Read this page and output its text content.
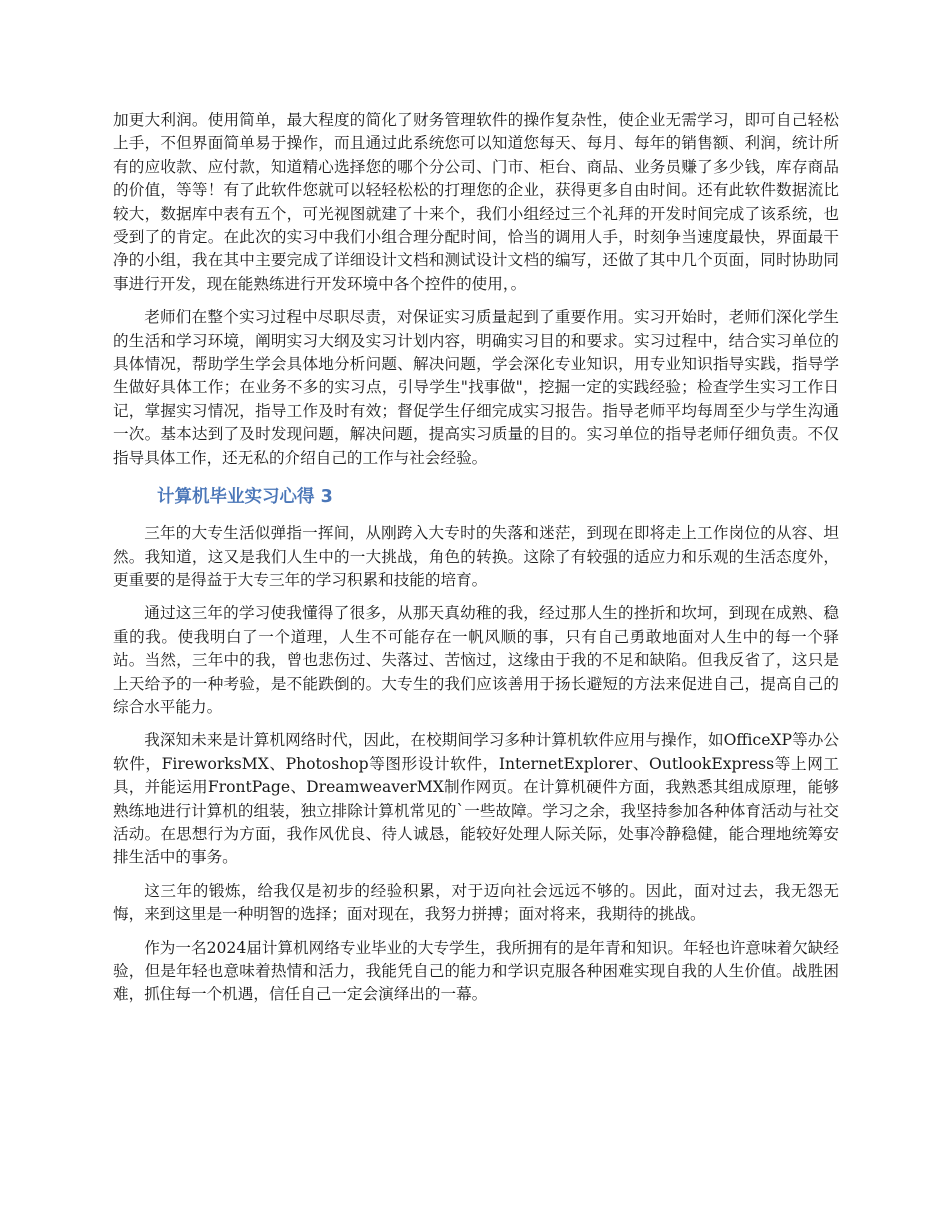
加更大利润。使用简单，最大程度的简化了财务管理软件的操作复杂性，使企业无需学习，即可自己轻松上手，不但界面简单易于操作，而且通过此系统您可以知道您每天、每月、每年的销售额、利润，统计所有的应收款、应付款，知道精心选择您的哪个分公司、门市、柜台、商品、业务员赚了多少钱，库存商品的价值，等等！有了此软件您就可以轻轻松松的打理您的企业，获得更多自由时间。还有此软件数据流比较大，数据库中表有五个，可光视图就建了十来个，我们小组经过三个礼拜的开发时间完成了该系统，也受到了的肯定。在此次的实习中我们小组合理分配时间，恰当的调用人手，时刻争当速度最快，界面最干净的小组，我在其中主要完成了详细设计文档和测试设计文档的编写，还做了其中几个页面，同时协助同事进行开发，现在能熟练进行开发环境中各个控件的使用，。

老师们在整个实习过程中尽职尽责，对保证实习质量起到了重要作用。实习开始时，老师们深化学生的生活和学习环境，阐明实习大纲及实习计划内容，明确实习目的和要求。实习过程中，结合实习单位的具体情况，帮助学生学会具体地分析问题、解决问题，学会深化专业知识，用专业知识指导实践，指导学生做好具体工作；在业务不多的实习点，引导学生"找事做"，挖掘一定的实践经验；检查学生实习工作日记，掌握实习情况，指导工作及时有效；督促学生仔细完成实习报告。指导老师平均每周至少与学生沟通一次。基本达到了及时发现问题，解决问题，提高实习质量的目的。实习单位的指导老师仔细负责。不仅指导具体工作，还无私的介绍自己的工作与社会经验。

计算机毕业实习心得 3

三年的大专生活似弹指一挥间，从刚跨入大专时的失落和迷茫，到现在即将走上工作岗位的从容、坦然。我知道，这又是我们人生中的一大挑战，角色的转换。这除了有较强的适应力和乐观的生活态度外，更重要的是得益于大专三年的学习积累和技能的培育。

通过这三年的学习使我懂得了很多，从那天真幼稚的我，经过那人生的挫折和坎坷，到现在成熟、稳重的我。使我明白了一个道理，人生不可能存在一帆风顺的事，只有自己勇敢地面对人生中的每一个驿站。当然，三年中的我，曾也悲伤过、失落过、苦恼过，这缘由于我的不足和缺陷。但我反省了，这只是上天给予的一种考验，是不能跌倒的。大专生的我们应该善用于扬长避短的方法来促进自己，提高自己的综合水平能力。

我深知未来是计算机网络时代，因此，在校期间学习多种计算机软件应用与操作，如OfficeXP等办公软件，FireworksMX、Photoshop等图形设计软件，InternetExplorer、OutlookExpress等上网工具，并能运用FrontPage、DreamweaverMX制作网页。在计算机硬件方面，我熟悉其组成原理，能够熟练地进行计算机的组装，独立排除计算机常见的`一些故障。学习之余，我坚持参加各种体育活动与社交活动。在思想行为方面，我作风优良、待人诚恳，能较好处理人际关际，处事冷静稳健，能合理地统筹安排生活中的事务。

这三年的锻炼，给我仅是初步的经验积累，对于迈向社会远远不够的。因此，面对过去，我无怨无悔，来到这里是一种明智的选择；面对现在，我努力拼搏；面对将来，我期待的挑战。

作为一名2024届计算机网络专业毕业的大专学生，我所拥有的是年青和知识。年轻也许意味着欠缺经验，但是年轻也意味着热情和活力，我能凭自己的能力和学识克服各种困难实现自我的人生价值。战胜困难，抓住每一个机遇，信任自己一定会演绎出的一幕。
